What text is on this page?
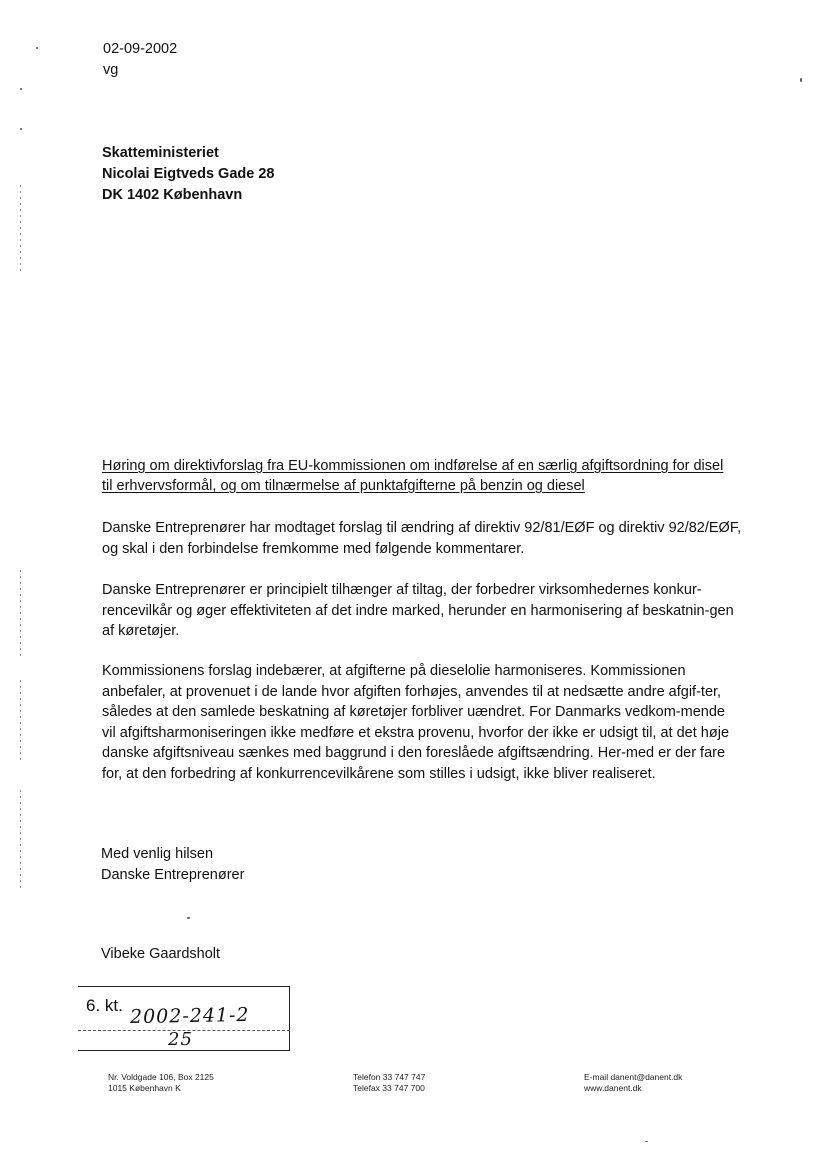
02-09-2002
vg
Skatteministeriet
Nicolai Eigtveds Gade 28
DK 1402 København
Høring om direktivforslag fra EU-kommissionen om indførelse af en særlig afgiftsordning for disel til erhvervsformål, og om tilnærmelse af punktafgifterne på benzin og diesel
Danske Entreprenører har modtaget forslag til ændring af direktiv 92/81/EØF og direktiv 92/82/EØF, og skal i den forbindelse fremkomme med følgende kommentarer.
Danske Entreprenører er principielt tilhænger af tiltag, der forbedrer virksomhedernes konkur-rencevilkår og øger effektiviteten af det indre marked, herunder en harmonisering af beskatnin-gen af køretøjer.
Kommissionens forslag indebærer, at afgifterne på dieselolie harmoniseres. Kommissionen anbefaler, at provenuet i de lande hvor afgiften forhøjes, anvendes til at nedsætte andre afgif-ter, således at den samlede beskatning af køretøjer forbliver uændret. For Danmarks vedkom-mende vil afgiftsharmoniseringen ikke medføre et ekstra provenu, hvorfor der ikke er udsigt til, at det høje danske afgiftsniveau sænkes med baggrund i den foreslåede afgiftsændring. Her-med er der fare for, at den forbedring af konkurrencevilkårene som stilles i udsigt, ikke bliver realiseret.
Med venlig hilsen
Danske Entreprenører
Vibeke Gaardsholt
6. kt. 2002-241-2
25
Nr. Voldgade 106, Box 2125
1015 København K
Telefon 33 747 747
Telefax 33 747 700
E-mail danent@danent.dk
www.danent.dk
